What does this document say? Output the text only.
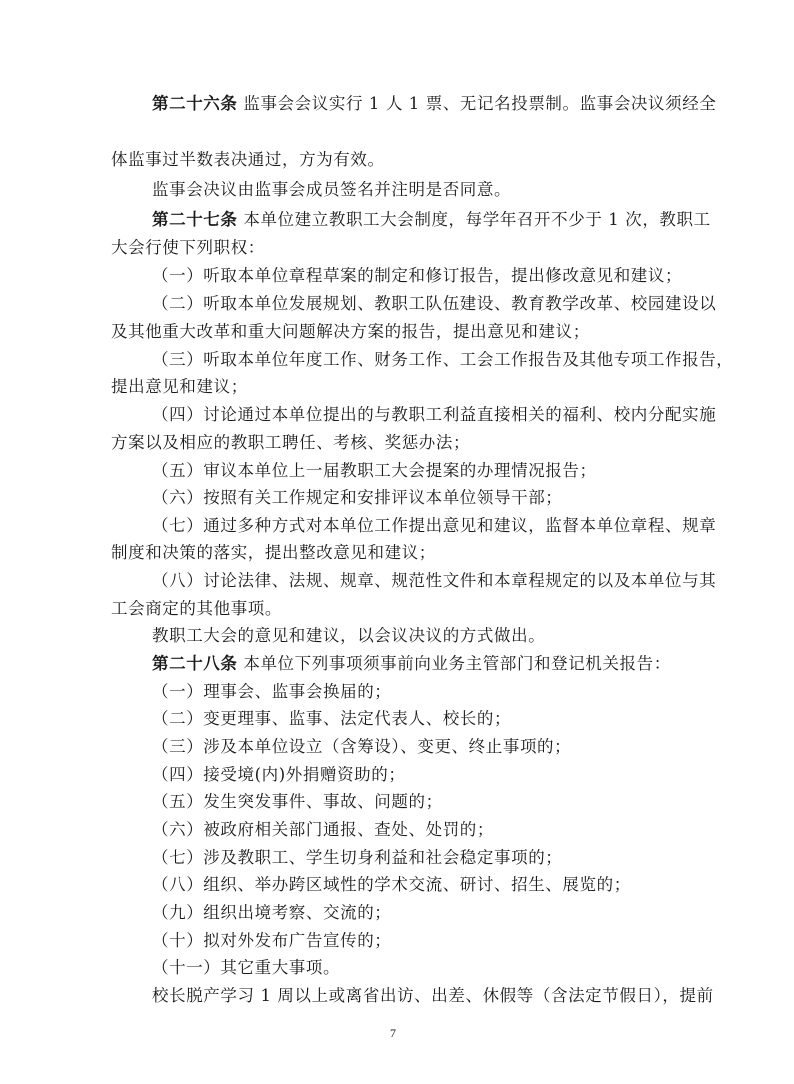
第二十六条 监事会会议实行 1 人 1 票、无记名投票制。监事会决议须经全
体监事过半数表决通过，方为有效。
监事会决议由监事会成员签名并注明是否同意。
第二十七条 本单位建立教职工大会制度，每学年召开不少于 1 次，教职工
大会行使下列职权：
（一）听取本单位章程草案的制定和修订报告，提出修改意见和建议；
（二）听取本单位发展规划、教职工队伍建设、教育教学改革、校园建设以
及其他重大改革和重大问题解决方案的报告，提出意见和建议；
（三）听取本单位年度工作、财务工作、工会工作报告及其他专项工作报告，
提出意见和建议；
（四）讨论通过本单位提出的与教职工利益直接相关的福利、校内分配实施
方案以及相应的教职工聘任、考核、奖惩办法；
（五）审议本单位上一届教职工大会提案的办理情况报告；
（六）按照有关工作规定和安排评议本单位领导干部；
（七）通过多种方式对本单位工作提出意见和建议，监督本单位章程、规章
制度和决策的落实，提出整改意见和建议；
（八）讨论法律、法规、规章、规范性文件和本章程规定的以及本单位与其
工会商定的其他事项。
教职工大会的意见和建议，以会议决议的方式做出。
第二十八条 本单位下列事项须事前向业务主管部门和登记机关报告：
（一）理事会、监事会换届的；
（二）变更理事、监事、法定代表人、校长的；
（三）涉及本单位设立（含筹设）、变更、终止事项的；
（四）接受境(内)外捐赠资助的；
（五）发生突发事件、事故、问题的；
（六）被政府相关部门通报、查处、处罚的；
（七）涉及教职工、学生切身利益和社会稳定事项的；
（八）组织、举办跨区域性的学术交流、研讨、招生、展览的；
（九）组织出境考察、交流的；
（十）拟对外发布广告宣传的；
（十一）其它重大事项。
校长脱产学习 1 周以上或离省出访、出差、休假等（含法定节假日），提前
7
